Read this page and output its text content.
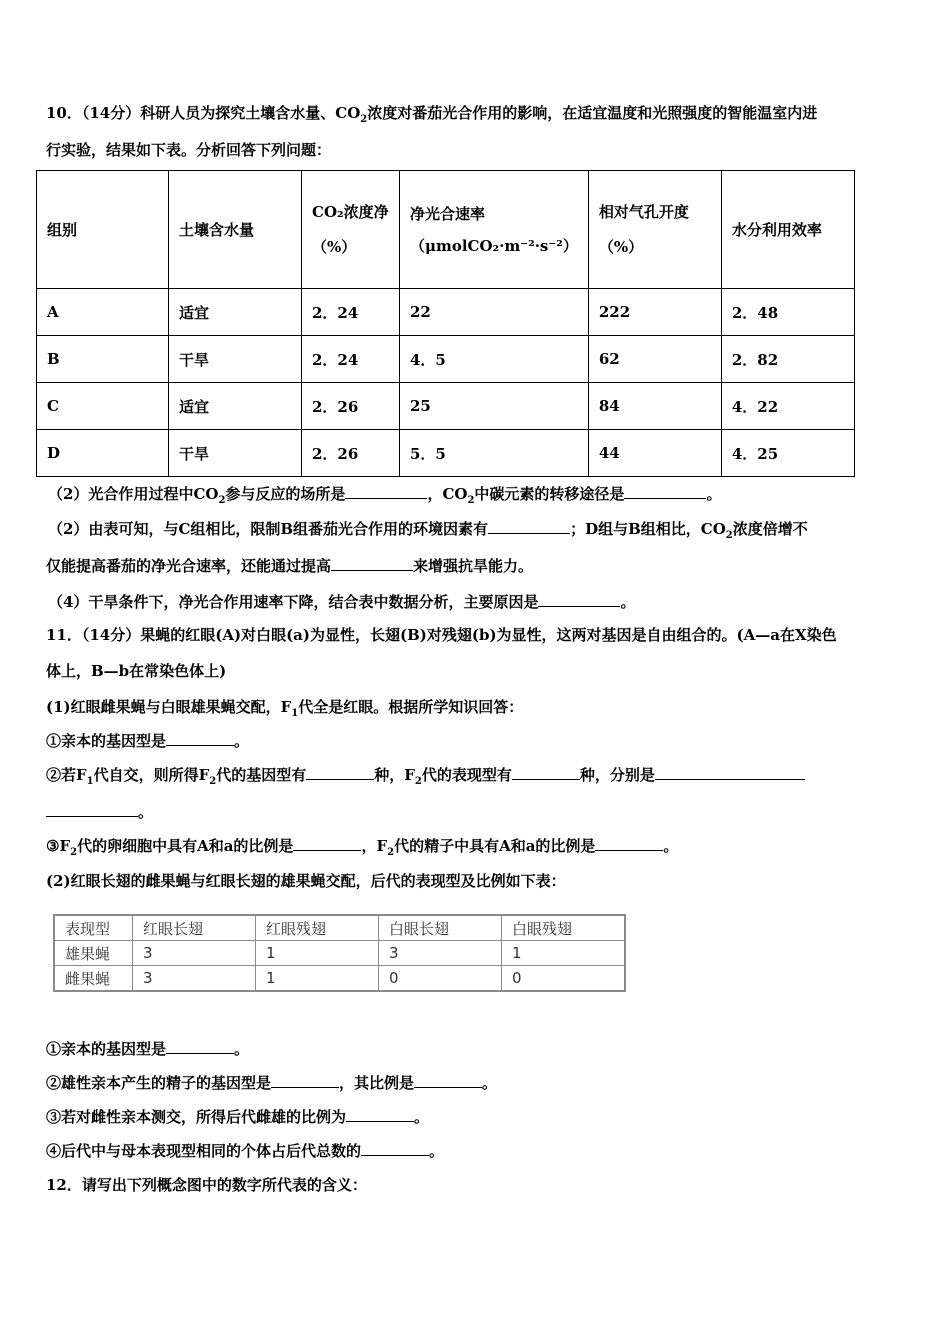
10．（14分）科研人员为探究土壤含水量、$CO_2$浓度对番茄光合作用的影响，在适宜温度和光照强度的智能温室内进
行实验，结果如下表。分析回答下列问题：
组别	土壤含水量	CO₂浓度净（%）	净光合速率（μmolCO₂·m⁻²·s⁻²）	相对气孔开度（%）	水分利用效率
A	适宜	2．24	22	222	2．48
B	干旱	2．24	4．5	62	2．82
C	适宜	2．26	25	84	4．22
D	干旱	2．26	5．5	44	4．25
（2）光合作用过程中$CO_2$参与反应的场所是	，$CO_2$中碳元素的转移途径是	。
（2）由表可知，与C组相比，限制B组番茄光合作用的环境因素有	；D组与B组相比，$CO_2$浓度倍增不
仅能提高番茄的净光合速率，还能通过提高	来增强抗旱能力。
（4）干旱条件下，净光合作用速率下降，结合表中数据分析，主要原因是	。
11．（14分）果蝇的红眼(A)对白眼(a)为显性，长翅(B)对残翅(b)为显性，这两对基因是自由组合的。(A—a在X染色
体上，B—b在常染色体上)
(1)红眼雌果蝇与白眼雄果蝇交配，$F_1$代全是红眼。根据所学知识回答：
①亲本的基因型是	。
②若$F_1$代自交，则所得$F_2$代的基因型有	种，$F_2$代的表现型有	种，分别是
。
$③F_2$代的卵细胞中具有A和a的比例是	，$F_2$代的精子中具有A和a的比例是	。
(2)红眼长翅的雌果蝇与红眼长翅的雄果蝇交配，后代的表现型及比例如下表：
表现型	红眼长翅	红眼残翅	白眼长翅	白眼残翅
雄果蝇	3	1	3	1
雌果蝇	3	1	0	0
①亲本的基因型是	。
②雄性亲本产生的精子的基因型是	，其比例是	。
③若对雌性亲本测交，所得后代雌雄的比例为	。
④后代中与母本表现型相同的个体占后代总数的	。
12．请写出下列概念图中的数字所代表的含义：
